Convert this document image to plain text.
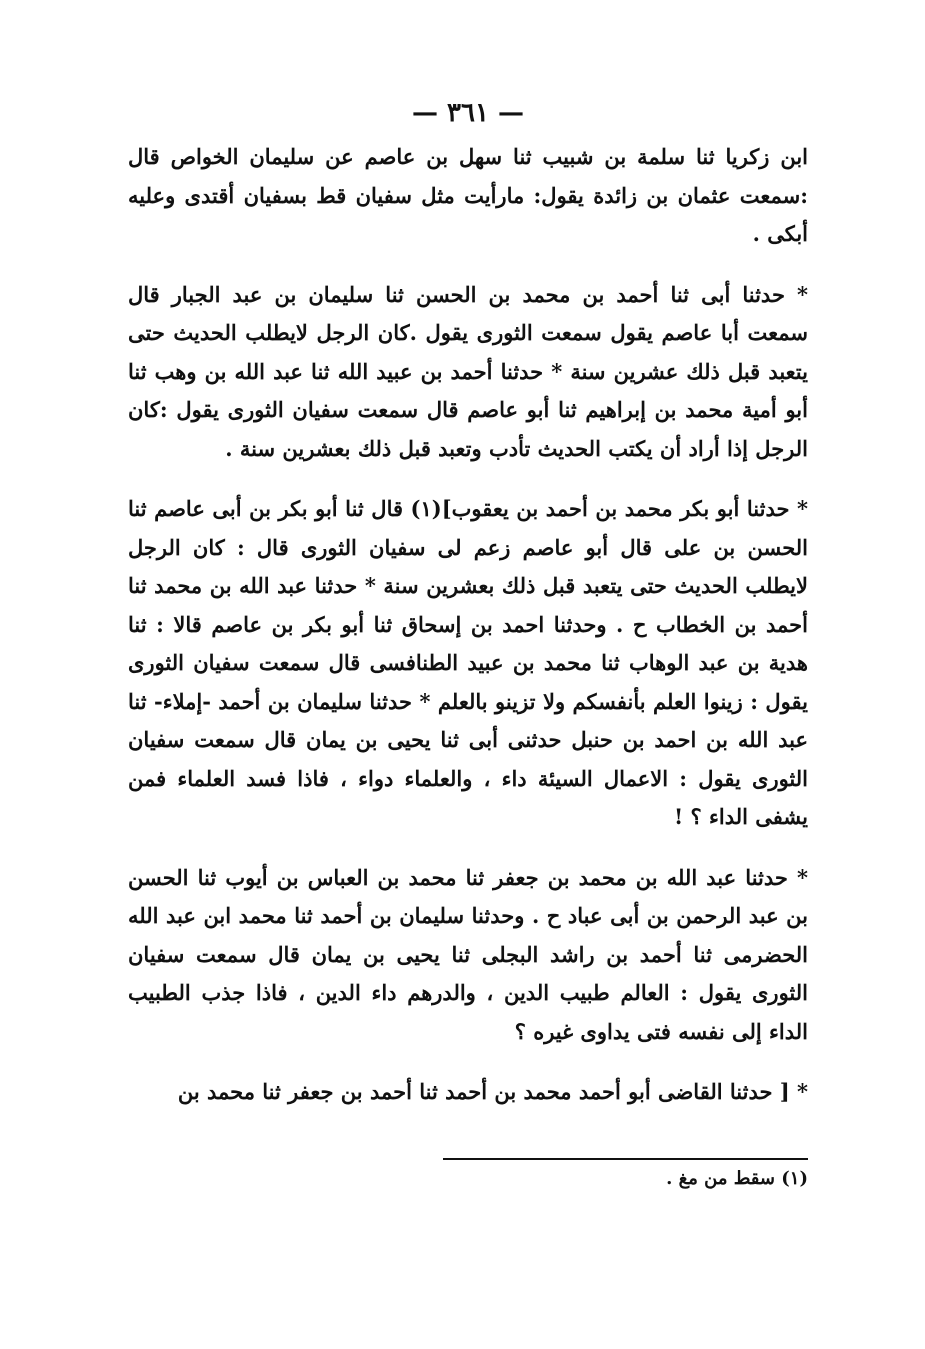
— ٣٦١ —

ابن زكريا ثنا سلمة بن شبيب ثنا سهل بن عاصم عن سليمان الخواص قال :سمعت عثمان بن زائدة يقول: مارأيت مثل سفيان قط بسفيان أقتدى وعليه أبكى .

* حدثنا أبى ثنا أحمد بن محمد بن الحسن ثنا سليمان بن عبد الجبار قال سمعت أبا عاصم يقول سمعت الثورى يقول .كان الرجل لايطلب الحديث حتى يتعبد قبل ذلك عشرين سنة * حدثنا أحمد بن عبيد الله ثنا عبد الله بن وهب ثنا أبو أمية محمد بن إبراهيم ثنا أبو عاصم قال سمعت سفيان الثورى يقول :كان الرجل إذا أراد أن يكتب الحديث تأدب وتعبد قبل ذلك بعشرين سنة .

* حدثنا أبو بكر محمد بن أحمد بن يعقوب](١) قال ثنا أبو بكر بن أبى عاصم ثنا الحسن بن على قال أبو عاصم زعم لى سفيان الثورى قال : كان الرجل لايطلب الحديث حتى يتعبد قبل ذلك بعشرين سنة * حدثنا عبد الله بن محمد ثنا أحمد بن الخطاب ح . وحدثنا احمد بن إسحاق ثنا أبو بكر بن عاصم قالا : ثنا هدية بن عبد الوهاب ثنا محمد بن عبيد الطنافسى قال سمعت سفيان الثورى يقول : زينوا العلم بأنفسكم ولا تزينو بالعلم * حدثنا سليمان بن أحمد -إملاء- ثنا عبد الله بن احمد بن حنبل حدثنى أبى ثنا يحيى بن يمان قال سمعت سفيان الثورى يقول : الاعمال السيئة داء ، والعلماء دواء ، فاذا فسد العلماء فمن يشفى الداء ؟ !

* حدثنا عبد الله بن محمد بن جعفر ثنا محمد بن العباس بن أيوب ثنا الحسن بن عبد الرحمن بن أبى عباد ح . وحدثنا سليمان بن أحمد ثنا محمد ابن عبد الله الحضرمى ثنا أحمد بن راشد البجلى ثنا يحيى بن يمان قال سمعت سفيان الثورى يقول : العالم طبيب الدين ، والدرهم داء الدين ، فاذا جذب الطبيب الداء إلى نفسه فتى يداوى غيره ؟

* [ حدثنا القاضى أبو أحمد محمد بن أحمد ثنا أحمد بن جعفر ثنا محمد بن

(١) سقط من مغ .
